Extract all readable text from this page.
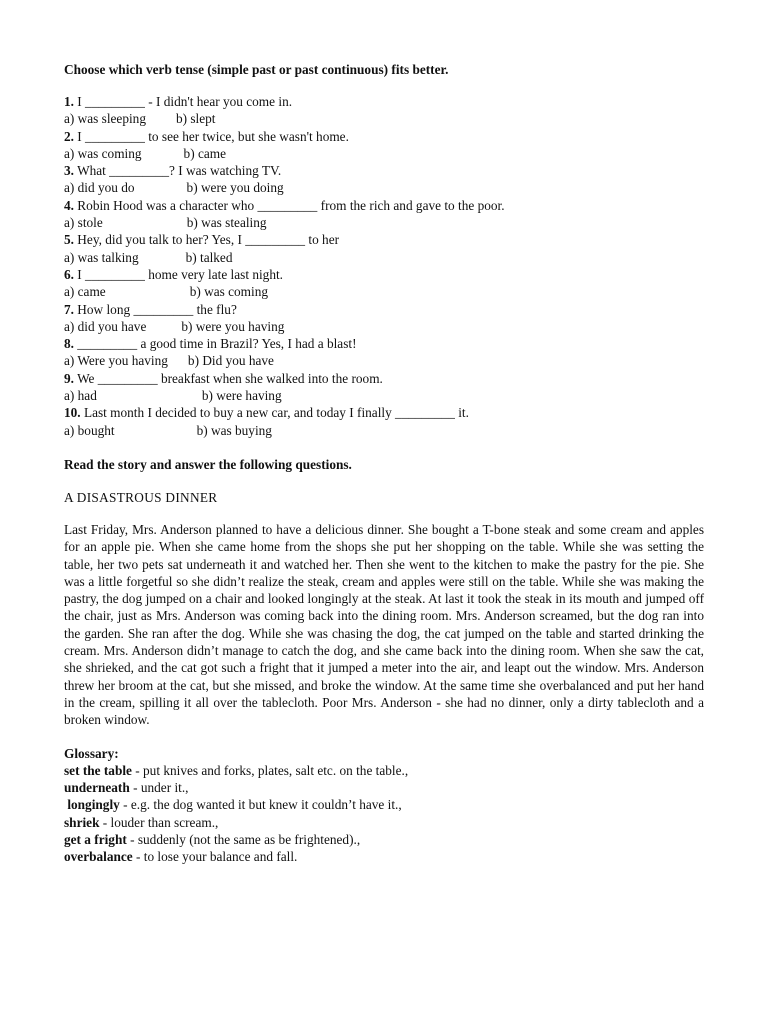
Choose which verb tense (simple past or past continuous) fits better.

1. I _________ - I didn't hear you come in.
a) was sleeping b) slept
2. I _________ to see her twice, but she wasn't home.
a) was coming	b) came
3. What _________? I was watching TV.
a) did you do	b) were you doing
4. Robin Hood was a character who _________ from the rich and gave to the poor.
a) stole	b) was stealing
5. Hey, did you talk to her? Yes, I _________ to her
a) was talking	b) talked
6. I _________ home very late last night.
a) came	b) was coming
7. How long _________ the flu?
a) did you have	b) were you having
8. _________ a good time in Brazil? Yes, I had a blast!
a) Were you having b) Did you have
9. We _________ breakfast when she walked into the room.
a) had	b) were having
10. Last month I decided to buy a new car, and today I finally _________ it.
a) bought	b) was buying

Read the story and answer the following questions.

A DISASTROUS DINNER
Last Friday, Mrs. Anderson planned to have a delicious dinner. She bought a T-bone steak and some cream and apples for an apple pie. When she came home from the shops she put her shopping on the table. While she was setting the table, her two pets sat underneath it and watched her. Then she went to the kitchen to make the pastry for the pie. She was a little forgetful so she didn’t realize the steak, cream and apples were still on the table. While she was making the pastry, the dog jumped on a chair and looked longingly at the steak. At last it took the steak in its mouth and jumped off the chair, just as Mrs. Anderson was coming back into the dining room. Mrs. Anderson screamed, but the dog ran into the garden. She ran after the dog. While she was chasing the dog, the cat jumped on the table and started drinking the cream. Mrs. Anderson didn’t manage to catch the dog, and she came back into the dining room. When she saw the cat, she shrieked, and the cat got such a fright that it jumped a meter into the air, and leapt out the window. Mrs. Anderson threw her broom at the cat, but she missed, and broke the window. At the same time she overbalanced and put her hand in the cream, spilling it all over the tablecloth. Poor Mrs. Anderson - she had no dinner, only a dirty tablecloth and a broken window.
Glossary:
set the table - put knives and forks, plates, salt etc. on the table.,
underneath - under it.,
longingly - e.g. the dog wanted it but knew it couldn’t have it.,
shriek - louder than scream.,
get a fright - suddenly (not the same as be frightened).,
overbalance - to lose your balance and fall.
